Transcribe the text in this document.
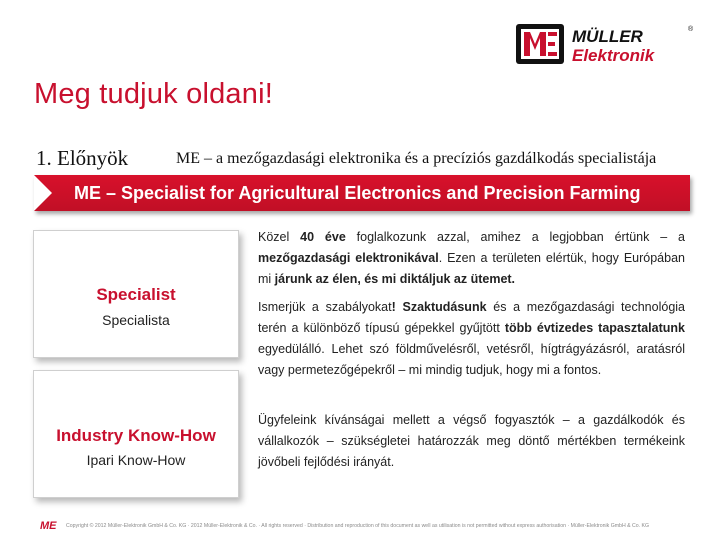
MÜLLER	®
Elektronik
Meg tudjuk oldani!
1. Előnyök	ME – a mezőgazdasági elektronika és a precíziós gazdálkodás specialistája
ME – Specialist for Agricultural Electronics and Precision Farming
Specialist
Specialista
Industry Know-How
Ipari Know-How
Közel 40 éve foglalkozunk azzal, amihez a legjobban értünk – a mezőgazdasági elektronikával. Ezen a területen elértük, hogy Európában mi járunk az élen, és mi diktáljuk az ütemet.
Ismerjük a szabályokat! Szaktudásunk és a mezőgazdasági technológia terén a különböző típusú gépekkel gyűjtött több évtizedes tapasztalatunk egyedülálló. Lehet szó földművelésről, vetésről, hígtrágyázásról, aratásról vagy permetezőgépekről – mi mindig tudjuk, hogy mi a fontos.
Ügyfeleink kívánságai mellett a végső fogyasztók – a gazdálkodók és vállalkozók – szükségletei határozzák meg döntő mértékben termékeink jövőbeli fejlődési irányát.
ME Copyright © 2012 Müller-Elektronik GmbH & Co. KG · 2012 Müller-Elektronik & Co. · All rights reserved · Distribution and reproduction of this document as well as utilisation is not permitted without express authorisation · Müller-Elektronik GmbH & Co. KG
